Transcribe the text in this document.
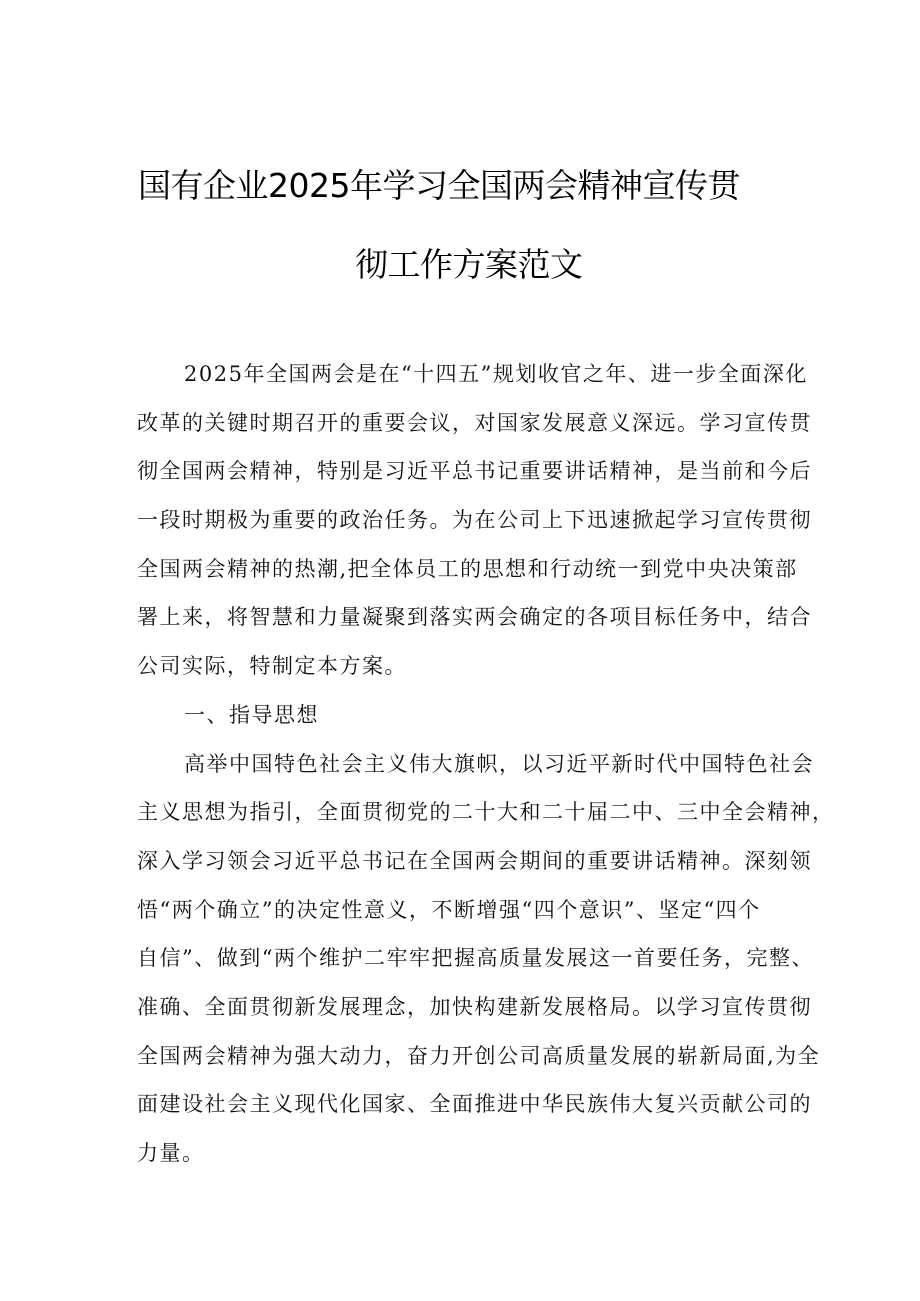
国有企业2025年学习全国两会精神宣传贯
彻工作方案范文
2025年全国两会是在“十四五”规划收官之年、进一步全面深化
改革的关键时期召开的重要会议，对国家发展意义深远。学习宣传贯
彻全国两会精神，特别是习近平总书记重要讲话精神，是当前和今后
一段时期极为重要的政治任务。为在公司上下迅速掀起学习宣传贯彻
全国两会精神的热潮,把全体员工的思想和行动统一到党中央决策部
署上来，将智慧和力量凝聚到落实两会确定的各项目标任务中，结合
公司实际，特制定本方案。
一、指导思想
高举中国特色社会主义伟大旗帜，以习近平新时代中国特色社会
主义思想为指引，全面贯彻党的二十大和二十届二中、三中全会精神，
深入学习领会习近平总书记在全国两会期间的重要讲话精神。深刻领
悟“两个确立”的决定性意义，不断增强“四个意识”、坚定“四个
自信”、做到“两个维护二牢牢把握高质量发展这一首要任务，完整、
准确、全面贯彻新发展理念，加快构建新发展格局。以学习宣传贯彻
全国两会精神为强大动力，奋力开创公司高质量发展的崭新局面,为全
面建设社会主义现代化国家、全面推进中华民族伟大复兴贡献公司的
力量。
